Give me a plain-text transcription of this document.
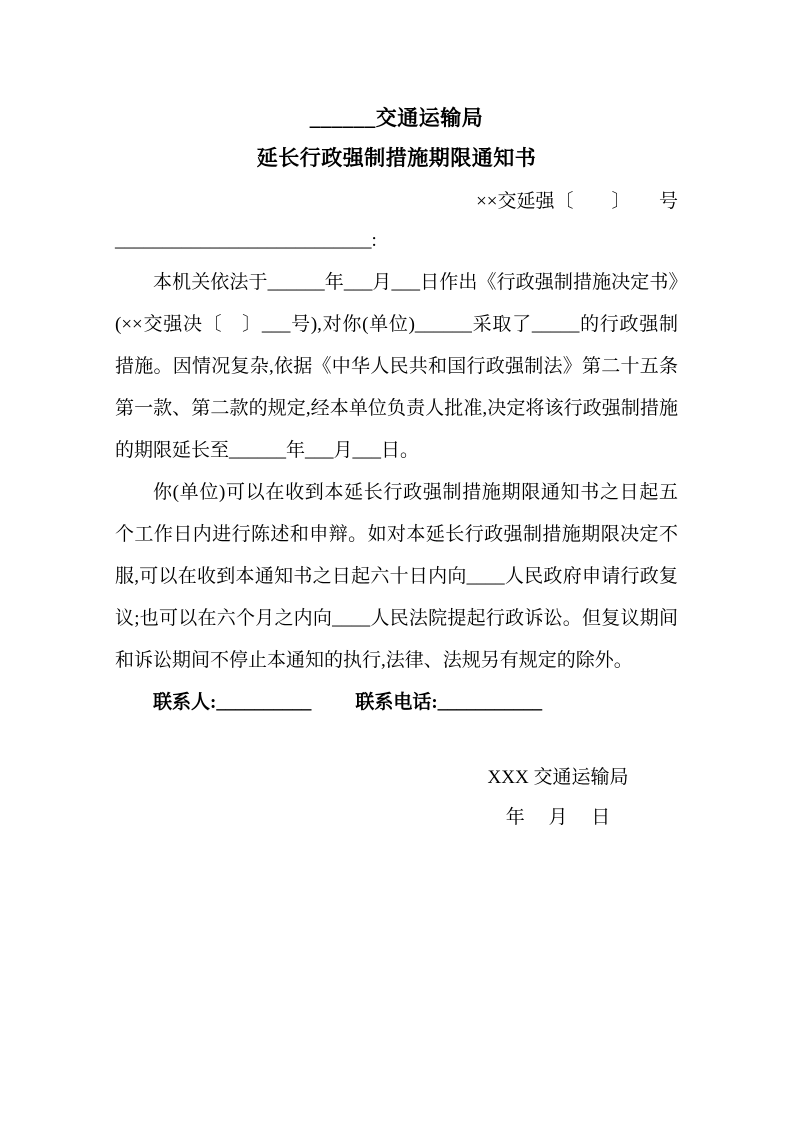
______交通运输局
延长行政强制措施期限通知书
××交延强〔　　〕　　号
___________________________:

本机关依法于______年___月___日作出《行政强制措施决定书》(××交强决〔　〕___号),对你(单位)______采取了_____的行政强制措施。因情况复杂,依据《中华人民共和国行政强制法》第二十五条第一款、第二款的规定,经本单位负责人批准,决定将该行政强制措施的期限延长至______年___月___日。

你(单位)可以在收到本延长行政强制措施期限通知书之日起五个工作日内进行陈述和申辩。如对本延长行政强制措施期限决定不服,可以在收到本通知书之日起六十日内向____人民政府申请行政复议;也可以在六个月之内向____人民法院提起行政诉讼。但复议期间和诉讼期间不停止本通知的执行,法律、法规另有规定的除外。

联系人:__________ 联系电话:___________
XXX 交通运输局
年　 月　 日
